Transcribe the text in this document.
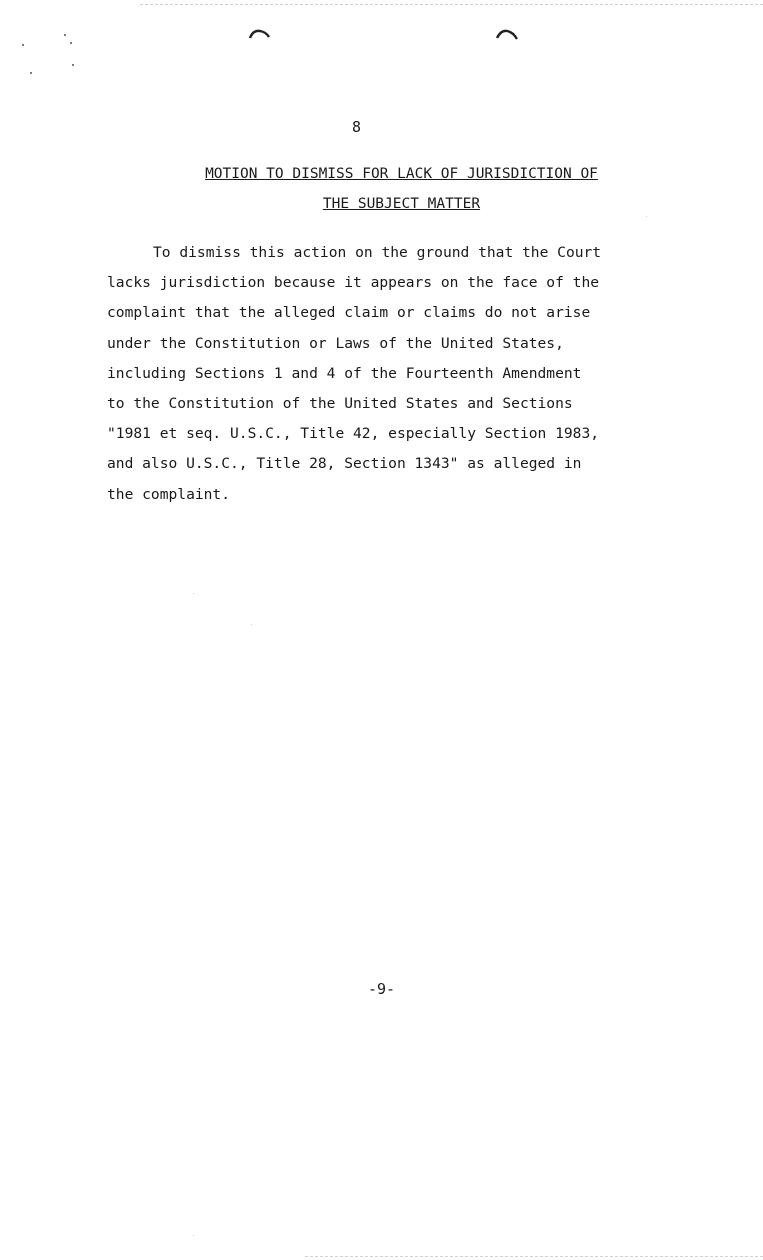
8
MOTION TO DISMISS FOR LACK OF JURISDICTION OF
THE SUBJECT MATTER
To dismiss this action on the ground that the Court
lacks jurisdiction because it appears on the face of the
complaint that the alleged claim or claims do not arise
under the Constitution or Laws of the United States,
including Sections 1 and 4 of the Fourteenth Amendment
to the Constitution of the United States and Sections
"1981 et seq. U.S.C., Title 42, especially Section 1983,
and also U.S.C., Title 28, Section 1343" as alleged in
the complaint.
-9-
